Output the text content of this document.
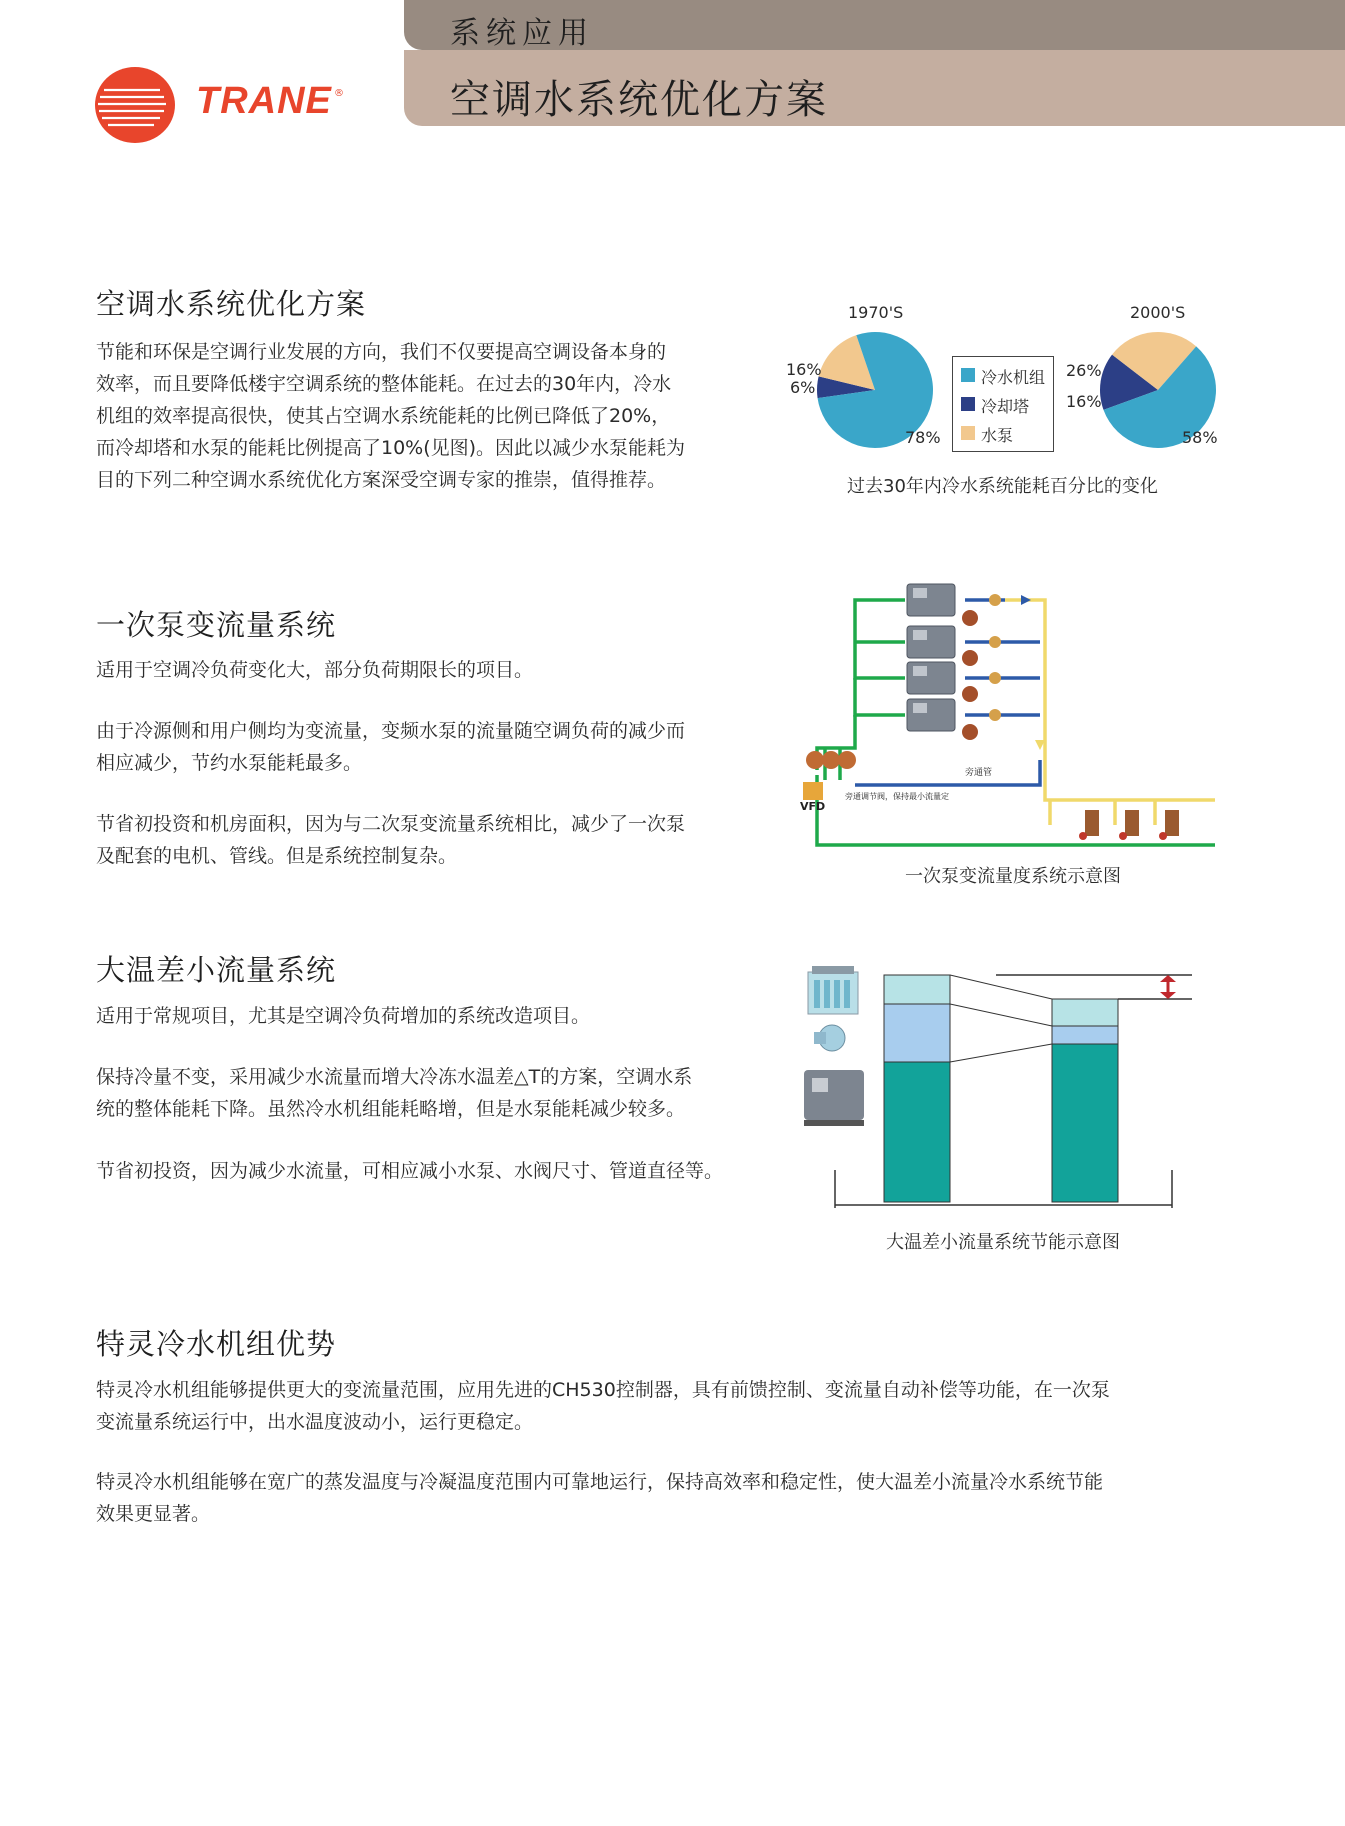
系统应用
空调水系统优化方案
TRANE ®
空调水系统优化方案
节能和环保是空调行业发展的方向，我们不仅要提高空调设备本身的
效率，而且要降低楼宇空调系统的整体能耗。在过去的30年内，冷水
机组的效率提高很快，使其占空调水系统能耗的比例已降低了20%，
而冷却塔和水泵的能耗比例提高了10%(见图)。因此以减少水泵能耗为
目的下列二种空调水系统优化方案深受空调专家的推崇，值得推荐。
1970'S	2000'S
16%
6%
78%
26%
16%
58%
冷水机组
冷却塔
水泵
过去30年内冷水系统能耗百分比的变化
一次泵变流量系统
适用于空调冷负荷变化大，部分负荷期限长的项目。
由于冷源侧和用户侧均为变流量，变频水泵的流量随空调负荷的减少而
相应减少，节约水泵能耗最多。
节省初投资和机房面积，因为与二次泵变流量系统相比，减少了一次泵
及配套的电机、管线。但是系统控制复杂。
VFD
旁通管
旁通调节阀，保持最小流量定
一次泵变流量度系统示意图
大温差小流量系统
适用于常规项目，尤其是空调冷负荷增加的系统改造项目。
保持冷量不变，采用减少水流量而增大冷冻水温差△T的方案，空调水系
统的整体能耗下降。虽然冷水机组能耗略增，但是水泵能耗减少较多。
节省初投资，因为减少水流量，可相应减小水泵、水阀尺寸、管道直径等。
大温差小流量系统节能示意图
特灵冷水机组优势
特灵冷水机组能够提供更大的变流量范围，应用先进的CH530控制器，具有前馈控制、变流量自动补偿等功能，在一次泵
变流量系统运行中，出水温度波动小，运行更稳定。
特灵冷水机组能够在宽广的蒸发温度与冷凝温度范围内可靠地运行，保持高效率和稳定性，使大温差小流量冷水系统节能
效果更显著。
